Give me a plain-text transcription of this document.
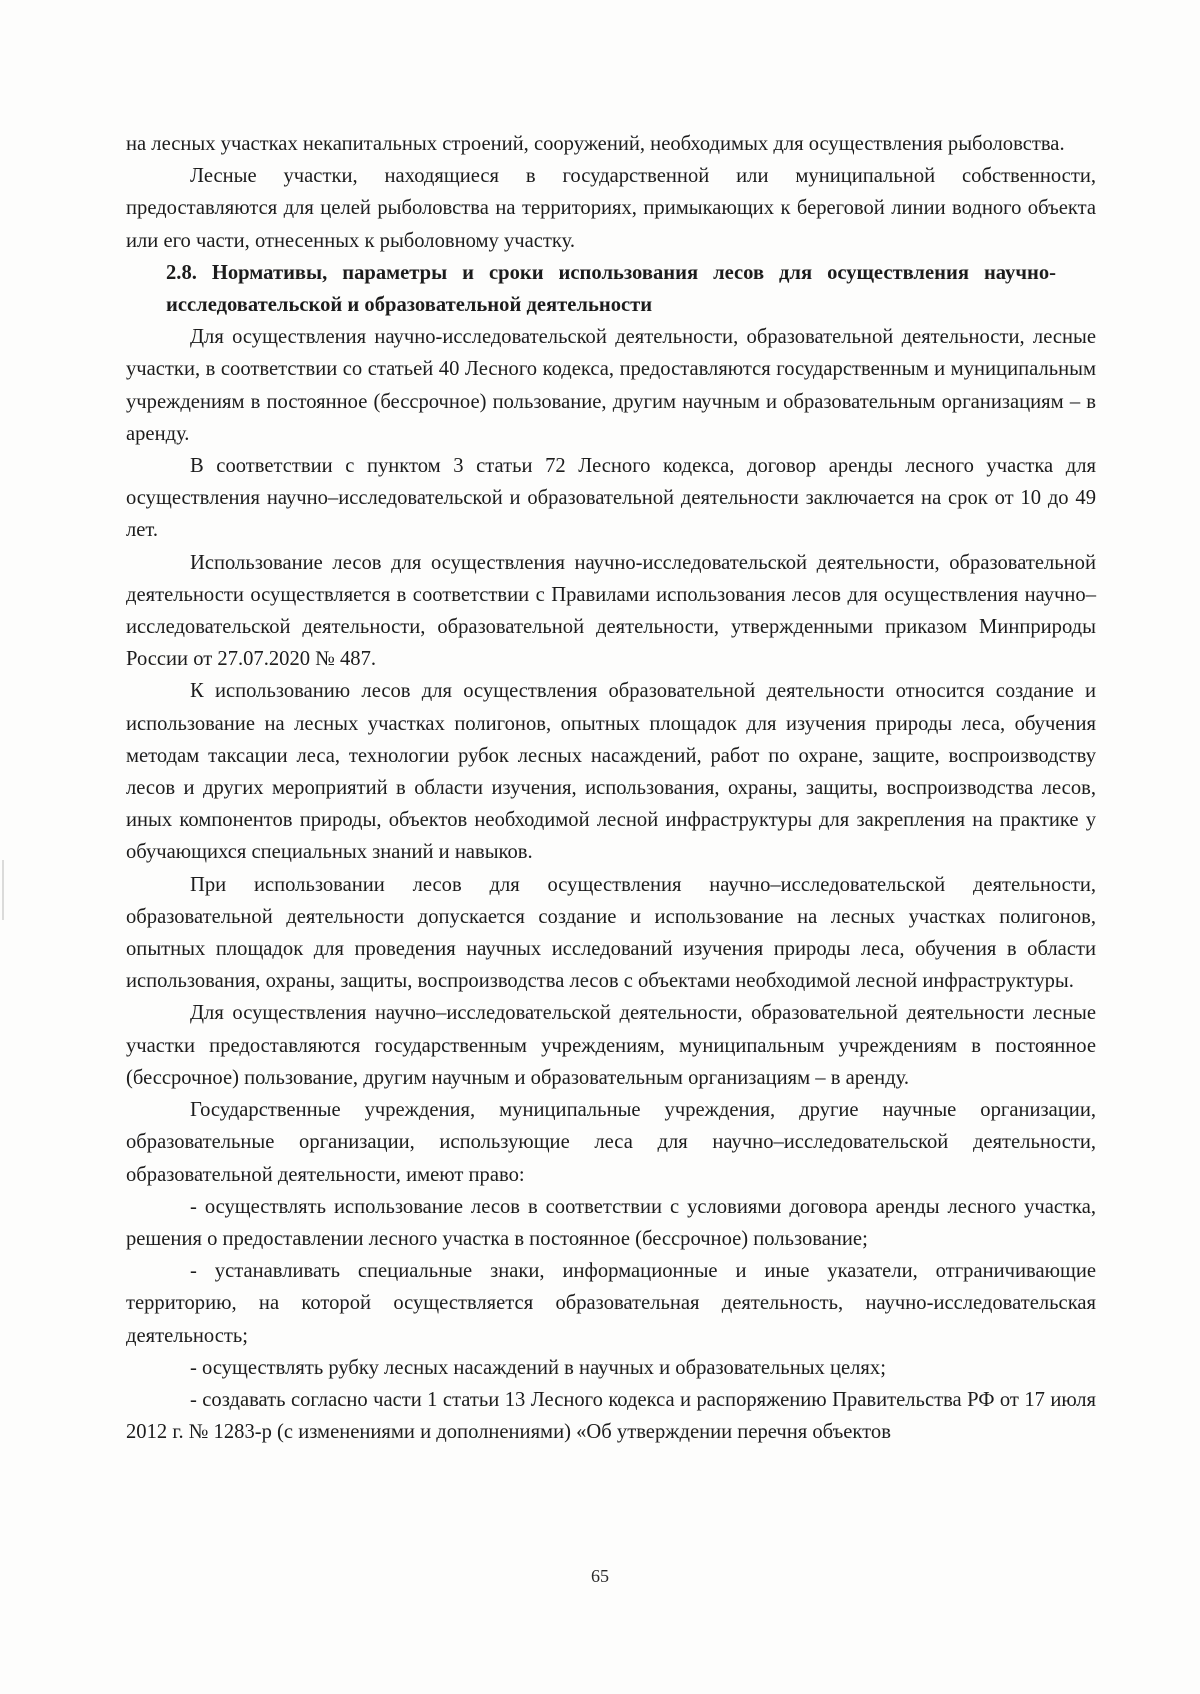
на лесных участках некапитальных строений, сооружений, необходимых для осуществления рыболовства.

Лесные участки, находящиеся в государственной или муниципальной собственности, предоставляются для целей рыболовства на территориях, примыкающих к береговой линии водного объекта или его части, отнесенных к рыболовному участку.

2.8. Нормативы, параметры и сроки использования лесов для осуществления научно-исследовательской и образовательной деятельности

Для осуществления научно-исследовательской деятельности, образовательной деятельности, лесные участки, в соответствии со статьей 40 Лесного кодекса, предоставляются государственным и муниципальным учреждениям в постоянное (бессрочное) пользование, другим научным и образовательным организациям – в аренду.

В соответствии с пунктом 3 статьи 72 Лесного кодекса, договор аренды лесного участка для осуществления научно–исследовательской и образовательной деятельности заключается на срок от 10 до 49 лет.

Использование лесов для осуществления научно-исследовательской деятельности, образовательной деятельности осуществляется в соответствии с Правилами использования лесов для осуществления научно–исследовательской деятельности, образовательной деятельности, утвержденными приказом Минприроды России от 27.07.2020 № 487.

К использованию лесов для осуществления образовательной деятельности относится создание и использование на лесных участках полигонов, опытных площадок для изучения природы леса, обучения методам таксации леса, технологии рубок лесных насаждений, работ по охране, защите, воспроизводству лесов и других мероприятий в области изучения, использования, охраны, защиты, воспроизводства лесов, иных компонентов природы, объектов необходимой лесной инфраструктуры для закрепления на практике у обучающихся специальных знаний и навыков.

При использовании лесов для осуществления научно–исследовательской деятельности, образовательной деятельности допускается создание и использование на лесных участках полигонов, опытных площадок для проведения научных исследований изучения природы леса, обучения в области использования, охраны, защиты, воспроизводства лесов с объектами необходимой лесной инфраструктуры.

Для осуществления научно–исследовательской деятельности, образовательной деятельности лесные участки предоставляются государственным учреждениям, муниципальным учреждениям в постоянное (бессрочное) пользование, другим научным и образовательным организациям – в аренду.

Государственные учреждения, муниципальные учреждения, другие научные организации, образовательные организации, использующие леса для научно–исследовательской деятельности, образовательной деятельности, имеют право:

- осуществлять использование лесов в соответствии с условиями договора аренды лесного участка, решения о предоставлении лесного участка в постоянное (бессрочное) пользование;

- устанавливать специальные знаки, информационные и иные указатели, отграничивающие территорию, на которой осуществляется образовательная деятельность, научно-исследовательская деятельность;

- осуществлять рубку лесных насаждений в научных и образовательных целях;

- создавать согласно части 1 статьи 13 Лесного кодекса и распоряжению Правительства РФ от 17 июля 2012 г. № 1283-р (с изменениями и дополнениями) «Об утверждении перечня объектов

65
